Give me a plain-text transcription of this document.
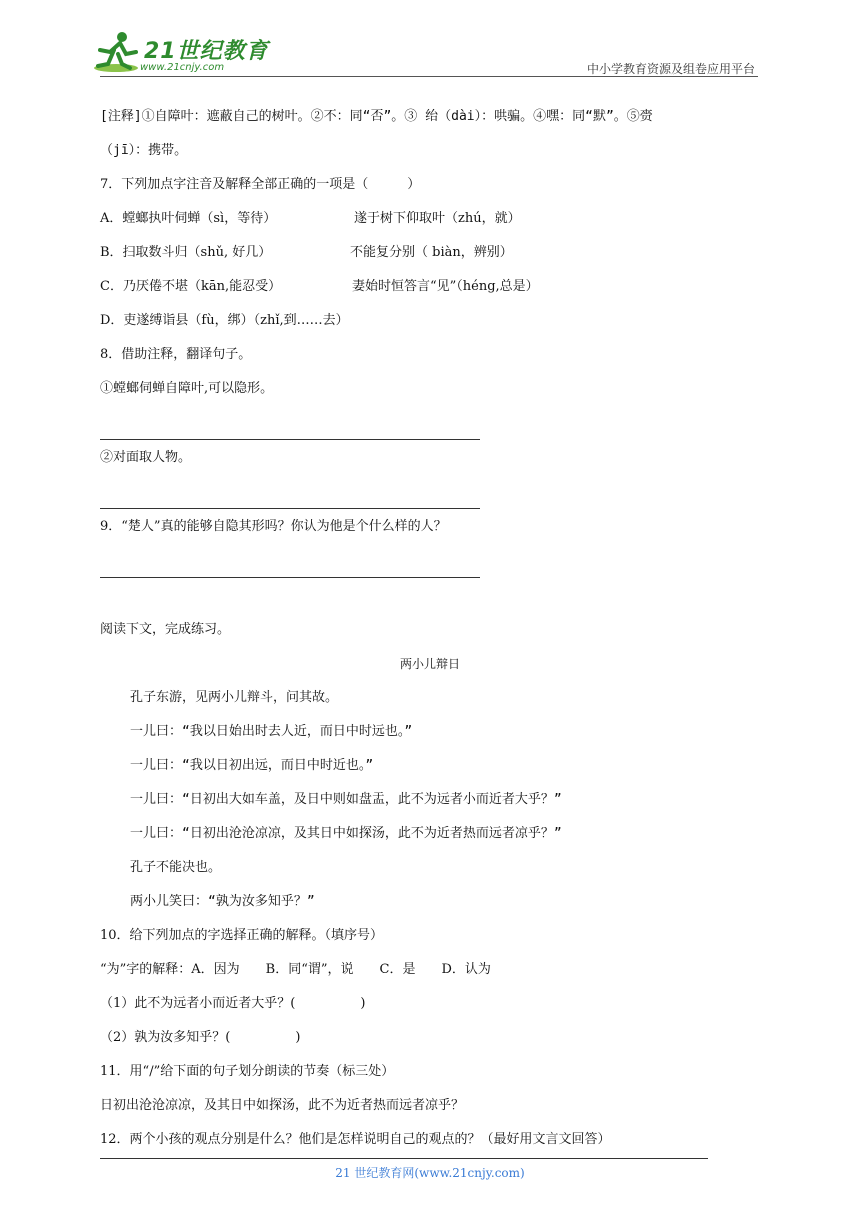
21世纪教育
www.21cnjy.com	中小学教育资源及组卷应用平台
[注释]①自障叶：遮蔽自己的树叶。②不：同“否”。③ 绐（dài）：哄骗。④嘿：同“默”。⑤赍
（jī）：携带。
7．下列加点字注音及解释全部正确的一项是（　　　）
A．螳螂执叶伺蝉（sì，等待）	遂于树下仰取叶（zhú，就）
B．扫取数斗归（shǔ, 好几）	不能复分别（ biàn，辨别）
C．乃厌倦不堪（kān,能忍受）	妻始时恒答言“见”（héng,总是）
D．吏遂缚诣县（fù，绑）（zhǐ,到……去）
8．借助注释，翻译句子。
①螳螂伺蝉自障叶,可以隐形。
②对面取人物。
9．“楚人”真的能够自隐其形吗？你认为他是个什么样的人？
阅读下文，完成练习。
两小儿辩日
孔子东游，见两小儿辩斗，问其故。
一儿曰：“我以日始出时去人近，而日中时远也。”
一儿曰：“我以日初出远，而日中时近也。”
一儿曰：“日初出大如车盖，及日中则如盘盂，此不为远者小而近者大乎？”
一儿曰：“日初出沧沧凉凉，及其日中如探汤，此不为近者热而远者凉乎？”
孔子不能决也。
两小儿笑曰：“孰为汝多知乎？”
10．给下列加点的字选择正确的解释。（填序号）
“为”字的解释：A．因为　　B．同“谓”，说　　C．是　　D．认为
（1）此不为远者小而近者大乎？(　　　　　)
（2）孰为汝多知乎？(　　　　　)
11．用“/”给下面的句子划分朗读的节奏（标三处）
日初出沧沧凉凉，及其日中如探汤，此不为近者热而远者凉乎？
12．两个小孩的观点分别是什么？他们是怎样说明自己的观点的？（最好用文言文回答）
21 世纪教育网(www.21cnjy.com)
